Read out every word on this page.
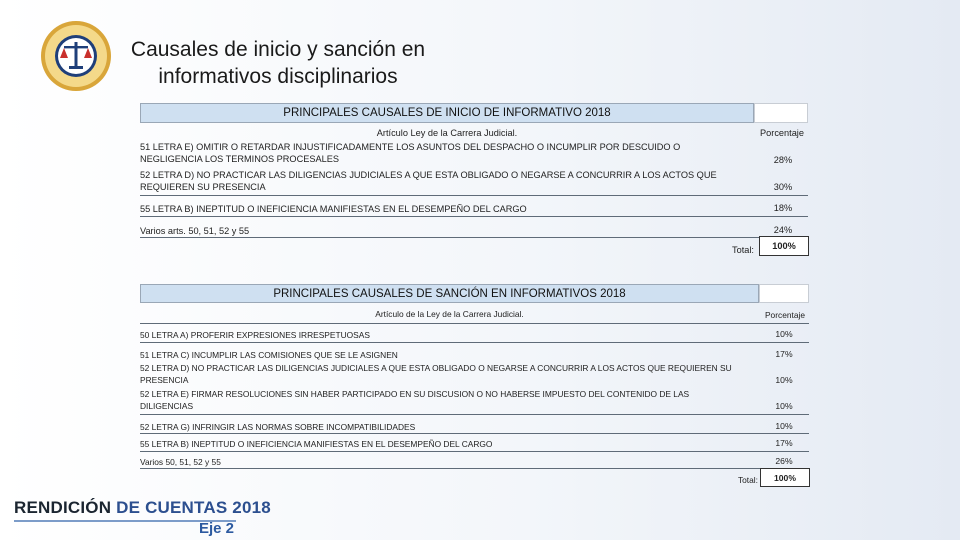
Causales de inicio y sanción en informativos disciplinarios
PRINCIPALES CAUSALES DE INICIO DE INFORMATIVO 2018
Artículo Ley de la Carrera Judicial.	Porcentaje
51 LETRA E) OMITIR O RETARDAR INJUSTIFICADAMENTE LOS ASUNTOS DEL DESPACHO O INCUMPLIR POR DESCUIDO O NEGLIGENCIA LOS TERMINOS PROCESALES	28%
52 LETRA D) NO PRACTICAR LAS DILIGENCIAS JUDICIALES A QUE ESTA OBLIGADO O NEGARSE A CONCURRIR A LOS ACTOS QUE REQUIEREN SU PRESENCIA	30%
55 LETRA B) INEPTITUD O INEFICIENCIA MANIFIESTAS EN EL DESEMPEÑO DEL CARGO	18%
Varios arts. 50, 51, 52 y 55	24%
Total:	100%
PRINCIPALES CAUSALES DE SANCIÓN EN INFORMATIVOS 2018
Artículo de la Ley de la Carrera Judicial.	Porcentaje
50 LETRA A) PROFERIR EXPRESIONES IRRESPETUOSAS	10%
51 LETRA C) INCUMPLIR LAS COMISIONES QUE SE LE ASIGNEN	17%
52 LETRA D) NO PRACTICAR LAS DILIGENCIAS JUDICIALES A QUE ESTA OBLIGADO O NEGARSE A CONCURRIR A LOS ACTOS QUE REQUIEREN SU PRESENCIA	10%
52 LETRA E) FIRMAR RESOLUCIONES SIN HABER PARTICIPADO EN SU DISCUSION O NO HABERSE IMPUESTO DEL CONTENIDO DE LAS DILIGENCIAS	10%
52 LETRA G) INFRINGIR LAS NORMAS SOBRE INCOMPATIBILIDADES	10%
55 LETRA B) INEPTITUD O INEFICIENCIA MANIFIESTAS EN EL DESEMPEÑO DEL CARGO	17%
Varios 50, 51, 52 y 55	26%
Total:	100%
RENDICIÓN DE CUENTAS 2018
Eje 2
